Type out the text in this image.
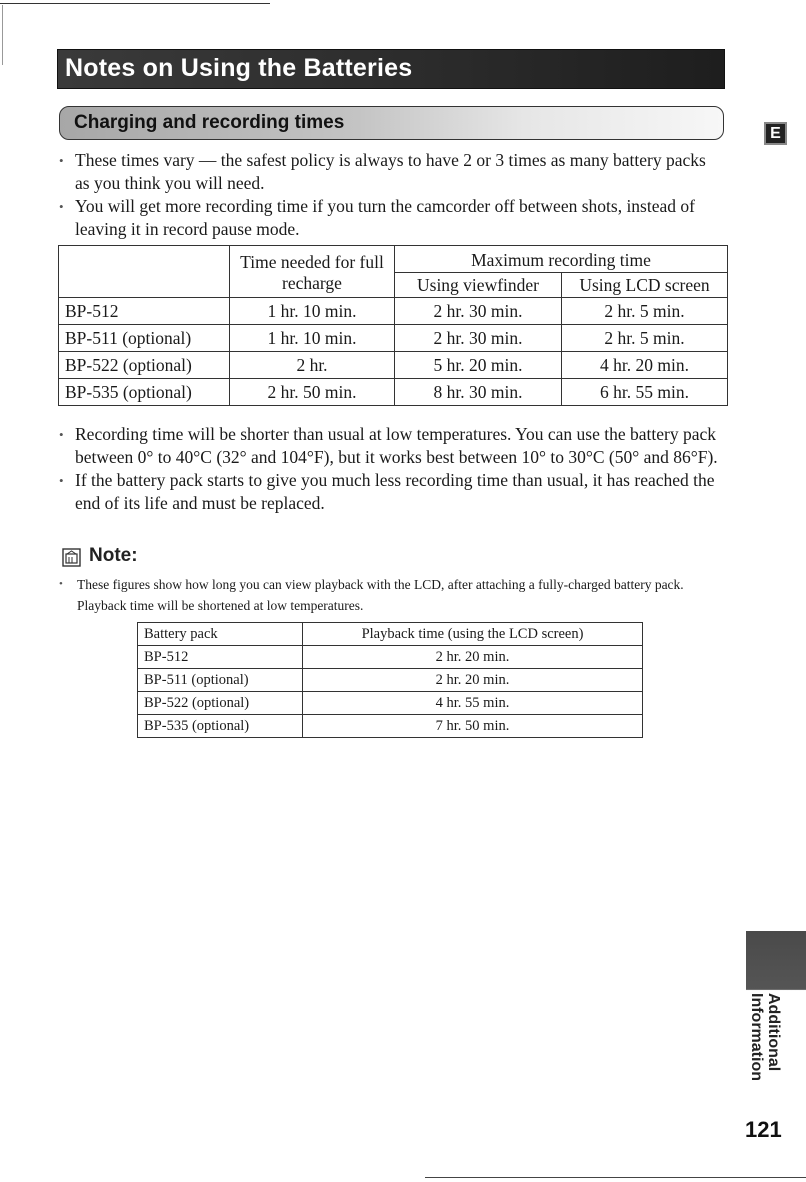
Notes on Using the Batteries
Charging and recording times
E
• These times vary — the safest policy is always to have 2 or 3 times as many battery packs as you think you will need.
• You will get more recording time if you turn the camcorder off between shots, instead of leaving it in record pause mode.
	Time needed for full recharge	Maximum recording time	
		Using viewfinder	Using LCD screen
BP-512	1 hr. 10 min.	2 hr. 30 min.	2 hr. 5 min.
BP-511 (optional)	1 hr. 10 min.	2 hr. 30 min.	2 hr. 5 min.
BP-522 (optional)	2 hr.	5 hr. 20 min.	4 hr. 20 min.
BP-535 (optional)	2 hr. 50 min.	8 hr. 30 min.	6 hr. 55 min.
• Recording time will be shorter than usual at low temperatures. You can use the battery pack between 0° to 40°C (32° and 104°F), but it works best between 10° to 30°C (50° and 86°F).
• If the battery pack starts to give you much less recording time than usual, it has reached the end of its life and must be replaced.
Note:
• These figures show how long you can view playback with the LCD, after attaching a fully-charged battery pack. Playback time will be shortened at low temperatures.
Battery pack	Playback time (using the LCD screen)
BP-512	2 hr. 20 min.
BP-511 (optional)	2 hr. 20 min.
BP-522 (optional)	4 hr. 55 min.
BP-535 (optional)	7 hr. 50 min.
Additional
Information
121
